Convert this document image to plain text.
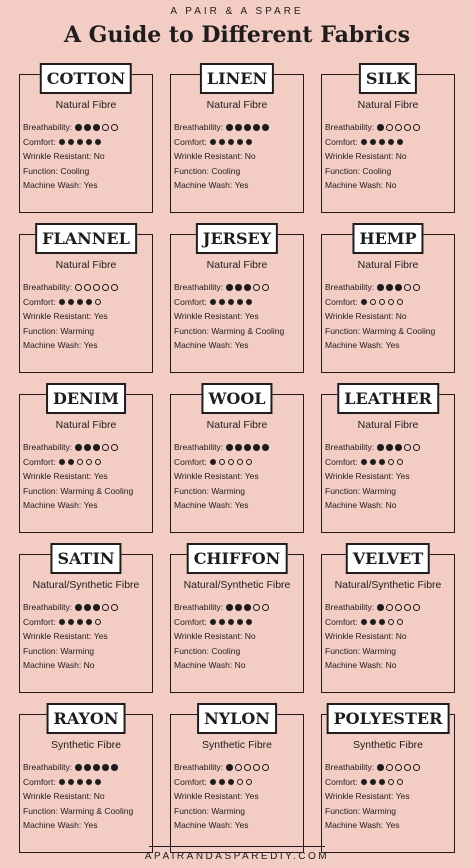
A PAIR & A SPARE
A Guide to Different Fabrics
COTTON
Natural Fibre
Breathability:
Comfort:
Wrinkle Resistant:
No
Function:
Cooling
Machine Wash:
Yes
LINEN
Natural Fibre
Breathability:
Comfort:
Wrinkle Resistant:
No
Function:
Cooling
Machine Wash:
Yes
SILK
Natural Fibre
Breathability:
Comfort:
Wrinkle Resistant:
No
Function:
Cooling
Machine Wash:
No
FLANNEL
Natural Fibre
Breathability:
Comfort:
Wrinkle Resistant:
Yes
Function:
Warming
Machine Wash:
Yes
JERSEY
Natural Fibre
Breathability:
Comfort:
Wrinkle Resistant:
Yes
Function:
Warming & Cooling
Machine Wash:
Yes
HEMP
Natural Fibre
Breathability:
Comfort:
Wrinkle Resistant:
No
Function:
Warming & Cooling
Machine Wash:
Yes
DENIM
Natural Fibre
Breathability:
Comfort:
Wrinkle Resistant:
Yes
Function:
Warming & Cooling
Machine Wash:
Yes
WOOL
Natural Fibre
Breathability:
Comfort:
Wrinkle Resistant:
Yes
Function:
Warming
Machine Wash:
Yes
LEATHER
Natural Fibre
Breathability:
Comfort:
Wrinkle Resistant:
Yes
Function:
Warming
Machine Wash:
No
SATIN
Natural/Synthetic Fibre
Breathability:
Comfort:
Wrinkle Resistant:
Yes
Function:
Warming
Machine Wash:
No
CHIFFON
Natural/Synthetic Fibre
Breathability:
Comfort:
Wrinkle Resistant:
No
Function:
Cooling
Machine Wash:
No
VELVET
Natural/Synthetic Fibre
Breathability:
Comfort:
Wrinkle Resistant:
No
Function:
Warming
Machine Wash:
No
RAYON
Synthetic Fibre
Breathability:
Comfort:
Wrinkle Resistant:
No
Function:
Warming & Cooling
Machine Wash:
Yes
NYLON
Synthetic Fibre
Breathability:
Comfort:
Wrinkle Resistant:
Yes
Function:
Warming
Machine Wash:
Yes
POLYESTER
Synthetic Fibre
Breathability:
Comfort:
Wrinkle Resistant:
Yes
Function:
Warming
Machine Wash:
Yes
APAIRANDASPAREDIY.COM
